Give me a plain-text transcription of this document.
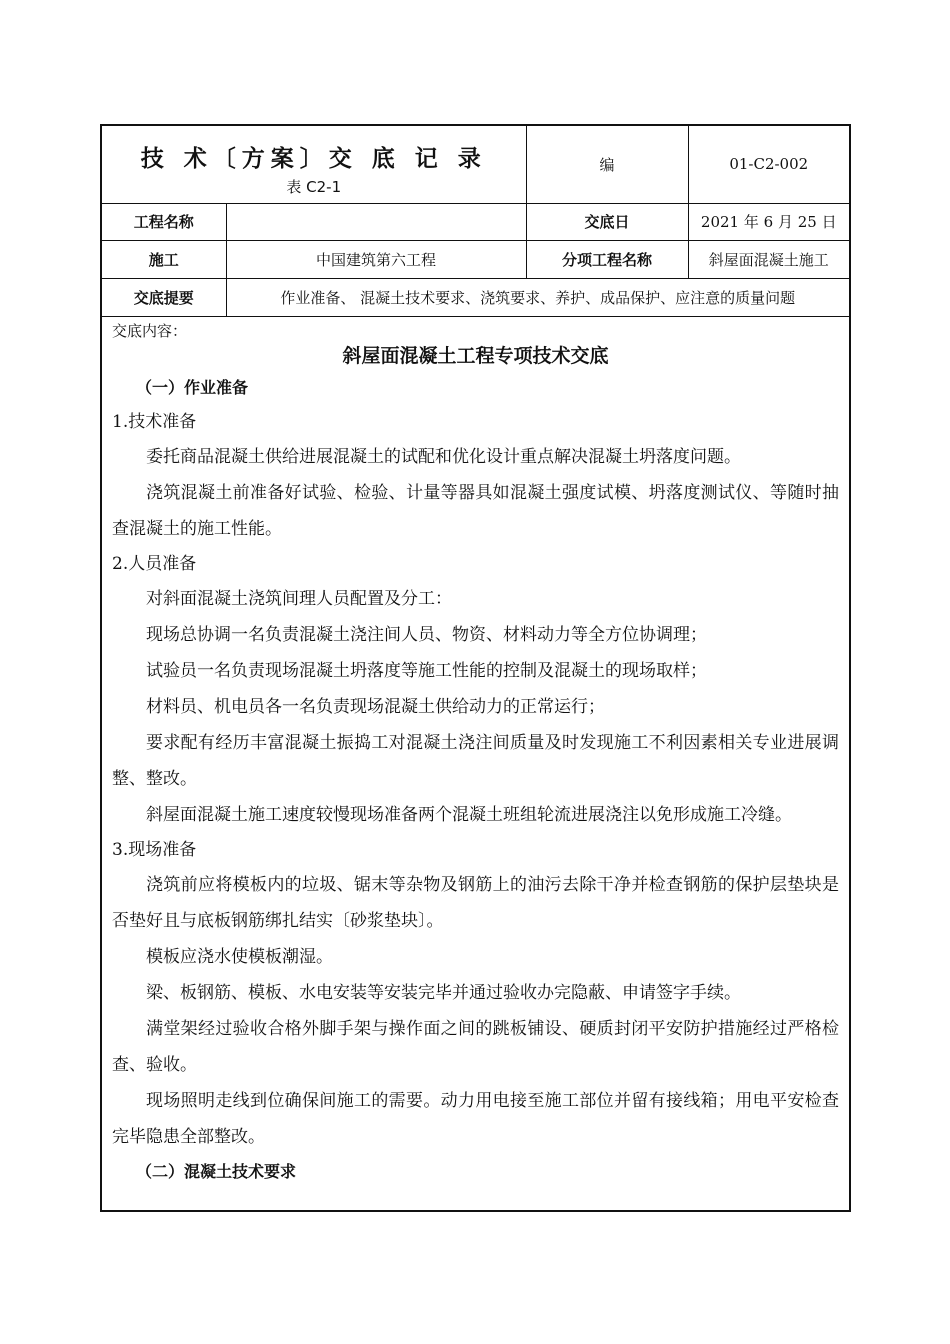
技 术〔方案〕交 底 记 录
表 C2-1		编	01-C2-002
工程名称		交底日	2021 年 6 月 25 日
施工	中国建筑第六工程	分项工程名称	斜屋面混凝土施工
交底提要	作业准备、 混凝土技术要求、浇筑要求、养护、成品保护、应注意的质量问题		
交底内容：
斜屋面混凝土工程专项技术交底
（一）作业准备
1.技术准备

委托商品混凝土供给进展混凝土的试配和优化设计重点解决混凝土坍落度问题。

浇筑混凝土前准备好试验、检验、计量等器具如混凝土强度试模、坍落度测试仪、等随时抽查混凝土的施工性能。

2.人员准备

对斜面混凝土浇筑间理人员配置及分工：

现场总协调一名负责混凝土浇注间人员、物资、材料动力等全方位协调理；

试验员一名负责现场混凝土坍落度等施工性能的控制及混凝土的现场取样；

材料员、机电员各一名负责现场混凝土供给动力的正常运行；

要求配有经历丰富混凝土振捣工对混凝土浇注间质量及时发现施工不利因素相关专业进展调整、整改。

斜屋面混凝土施工速度较慢现场准备两个混凝土班组轮流进展浇注以免形成施工冷缝。

3.现场准备

浇筑前应将模板内的垃圾、锯末等杂物及钢筋上的油污去除干净并检查钢筋的保护层垫块是否垫好且与底板钢筋绑扎结实〔砂浆垫块〕。

模板应浇水使模板潮湿。

梁、板钢筋、模板、水电安装等安装完毕并通过验收办完隐蔽、申请签字手续。

满堂架经过验收合格外脚手架与操作面之间的跳板铺设、硬质封闭平安防护措施经过严格检查、验收。

现场照明走线到位确保间施工的需要。动力用电接至施工部位并留有接线箱；用电平安检查完毕隐患全部整改。

（二）混凝土技术要求
